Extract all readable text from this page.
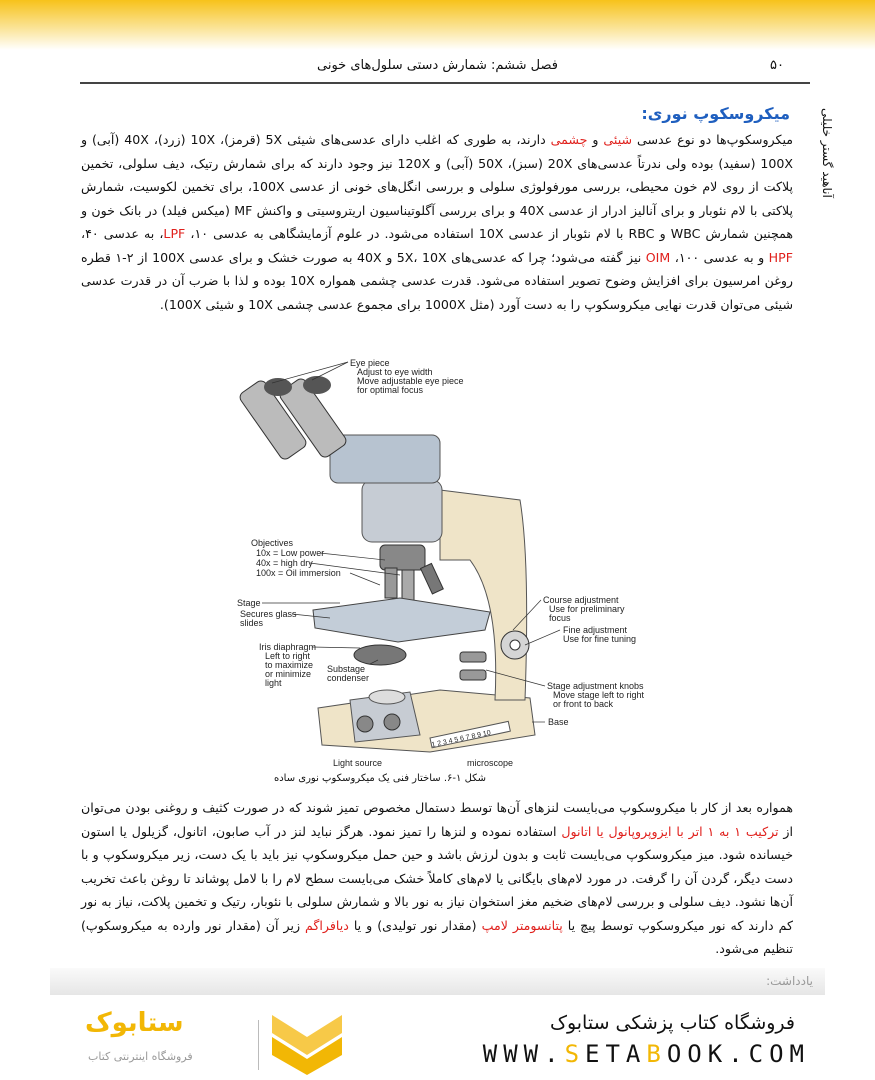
فصل ششم: شمارش دستی سلول‌های خونی	۵۰
آناهید گستر خلیلی
میکروسکوپ نوری:
میکروسکوپ‌ها دو نوع عدسی شیئی و چشمی دارند، به طوری که اغلب دارای عدسی‌های شیئی 5X (قرمز)، 10X (زرد)، 40X (آبی) و 100X (سفید) بوده ولی ندرتاً عدسی‌های 20X (سبز)، 50X (آبی) و 120X نیز وجود دارند که برای شمارش رتیک، دیف سلولی، تخمین پلاکت از روی لام خون محیطی، بررسی مورفولوژی سلولی و بررسی انگل‌های خونی از عدسی 100X، برای تخمین لکوسیت، شمارش پلاکتی با لام نئوبار و برای آنالیز ادرار از عدسی 40X و برای بررسی آگلوتیناسیون اریتروسیتی و واکنش MF (میکس فیلد) در بانک خون و همچنین شمارش WBC و RBC با لام نئوبار از عدسی 10X استفاده می‌شود. در علوم آزمایشگاهی به عدسی ۱۰، LPF، به عدسی ۴۰، HPF و به عدسی ۱۰۰، OIM نیز گفته می‌شود؛ چرا که عدسی‌های 5X، 10X و 40X به صورت خشک و برای عدسی 100X از ۲-۱ قطره روغن امرسیون برای افزایش وضوح تصویر استفاده می‌شود. قدرت عدسی چشمی همواره 10X بوده و لذا با ضرب آن در قدرت عدسی شیئی می‌توان قدرت نهایی میکروسکوپ را به دست آورد (مثل 1000X برای مجموع عدسی چشمی 10X و شیئی 100X).
Eye piece
Adjust to eye width
Move adjustable eye piece
for optimal focus
Objectives
10x = Low power
40x = high dry
100x = Oil immersion
Stage
Secures glass
slides
Iris diaphragm
Left to right
to maximize
or minimize
light
Substage
condenser
Course adjustment
Use for preliminary
focus
Fine adjustment
Use for fine tuning
Stage adjustment knobs
Move stage left to right
or front to back
Base
Light source	microscope
1 2 3 4 5 6 7 8 9 10
شکل ۱-۶. ساختار فنی یک میکروسکوپ نوری ساده
همواره بعد از کار با میکروسکوپ می‌بایست لنزهای آن‌ها توسط دستمال مخصوص تمیز شوند که در صورت کثیف و روغنی بودن می‌توان از ترکیب ۱ به ۱ اتر با ایزوپروپانول یا اتانول استفاده نموده و لنزها را تمیز نمود. هرگز نباید لنز در آب صابون، اتانول، گزیلول یا استون خیسانده شود. میز میکروسکوپ می‌بایست ثابت و بدون لرزش باشد و حین حمل میکروسکوپ نیز باید با یک دست، زیر میکروسکوپ و با دست دیگر، گردن آن را گرفت. در مورد لام‌های بایگانی یا لام‌های کاملاً خشک می‌بایست سطح لام را با لامل پوشاند تا روغن باعث تخریب آن‌ها نشود. دیف سلولی و بررسی لام‌های ضخیم مغز استخوان نیاز به نور بالا و شمارش سلولی با نئوبار، رتیک و تخمین پلاکت، نیاز به نور کم دارند که نور میکروسکوپ توسط پیچ یا پتانسومتر لامپ (مقدار نور تولیدی) و یا دیافراگم زیر آن (مقدار نور وارده به میکروسکوپ) تنظیم می‌شود.
یادداشت:
ستابوک
فروشگاه اینترنتی کتاب
فروشگاه کتاب پزشکی ستابوک
WWW.SETABOOK.COM
